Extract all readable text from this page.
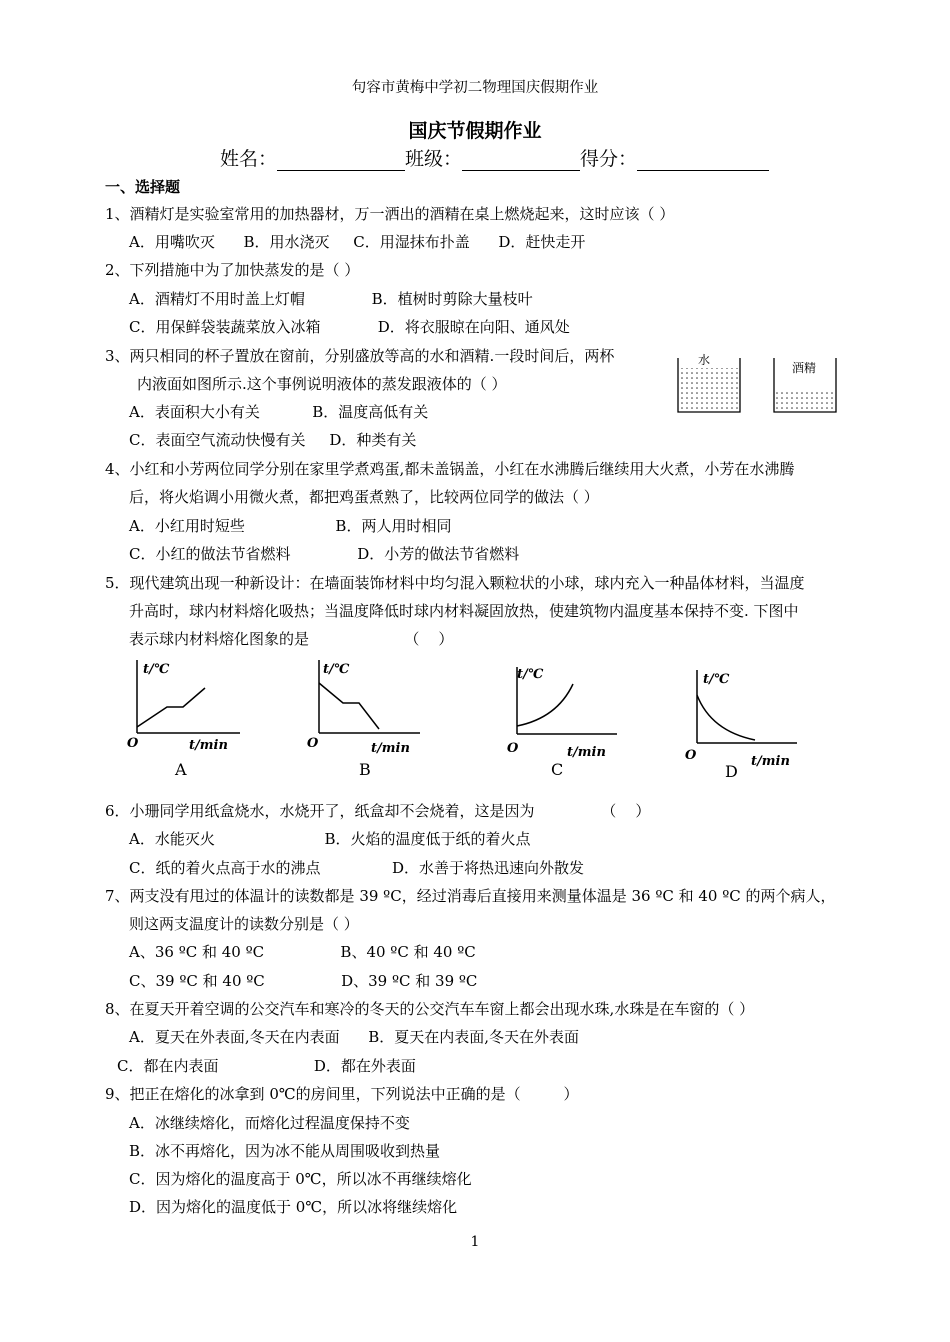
句容市黄梅中学初二物理国庆假期作业
国庆节假期作业
姓名：	班级：	得分：
一、选择题
1、酒精灯是实验室常用的加热器材，万一洒出的酒精在桌上燃烧起来，这时应该（ ）
A．用嘴吹灭      B．用水浇灭     C．用湿抹布扑盖      D．赶快走开
2、下列措施中为了加快蒸发的是（ ）
A．酒精灯不用时盖上灯帽              B．植树时剪除大量枝叶
C．用保鲜袋装蔬菜放入冰箱            D．将衣服晾在向阳、通风处
3、两只相同的杯子置放在窗前，分别盛放等高的水和酒精.一段时间后，两杯
内液面如图所示.这个事例说明液体的蒸发跟液体的（ ）
A．表面积大小有关           B．温度高低有关
C．表面空气流动快慢有关     D．种类有关
水
酒精
4、小红和小芳两位同学分别在家里学煮鸡蛋,都未盖锅盖，小红在水沸腾后继续用大火煮，小芳在水沸腾
后，将火焰调小用微火煮，都把鸡蛋煮熟了，比较两位同学的做法（ ）
A．小红用时短些                   B．两人用时相同
C．小红的做法节省燃料              D．小芳的做法节省燃料
5．现代建筑出现一种新设计：在墙面装饰材料中均匀混入颗粒状的小球，球内充入一种晶体材料，当温度
升高时，球内材料熔化吸热；当温度降低时球内材料凝固放热，使建筑物内温度基本保持不变. 下图中
表示球内材料熔化图象的是                    （    ）
t/℃
O	t/min
A
t/℃
O	t/min
B
t/℃
O	t/min
C
t/℃
O	t/min
D
6．小珊同学用纸盒烧水，水烧开了，纸盒却不会烧着，这是因为              （    ）
A．水能灭火                       B．火焰的温度低于纸的着火点
C．纸的着火点高于水的沸点               D．水善于将热迅速向外散发
7、两支没有甩过的体温计的读数都是 39 ºC，经过消毒后直接用来测量体温是 36 ºC 和 40 ºC 的两个病人，
则这两支温度计的读数分别是（ ）
A、36 ºC 和 40 ºC                B、40 ºC 和 40 ºC
C、39 ºC 和 40 ºC                D、39 ºC 和 39 ºC
8、在夏天开着空调的公交汽车和寒冷的冬天的公交汽车车窗上都会出现水珠,水珠是在车窗的（ ）
A．夏天在外表面,冬天在内表面      B．夏天在内表面,冬天在外表面
C．都在内表面                    D．都在外表面
9、把正在熔化的冰拿到 0℃的房间里，下列说法中正确的是（         ）
A．冰继续熔化，而熔化过程温度保持不变
B．冰不再熔化，因为冰不能从周围吸收到热量
C．因为熔化的温度高于 0℃，所以冰不再继续熔化
D．因为熔化的温度低于 0℃，所以冰将继续熔化
1
